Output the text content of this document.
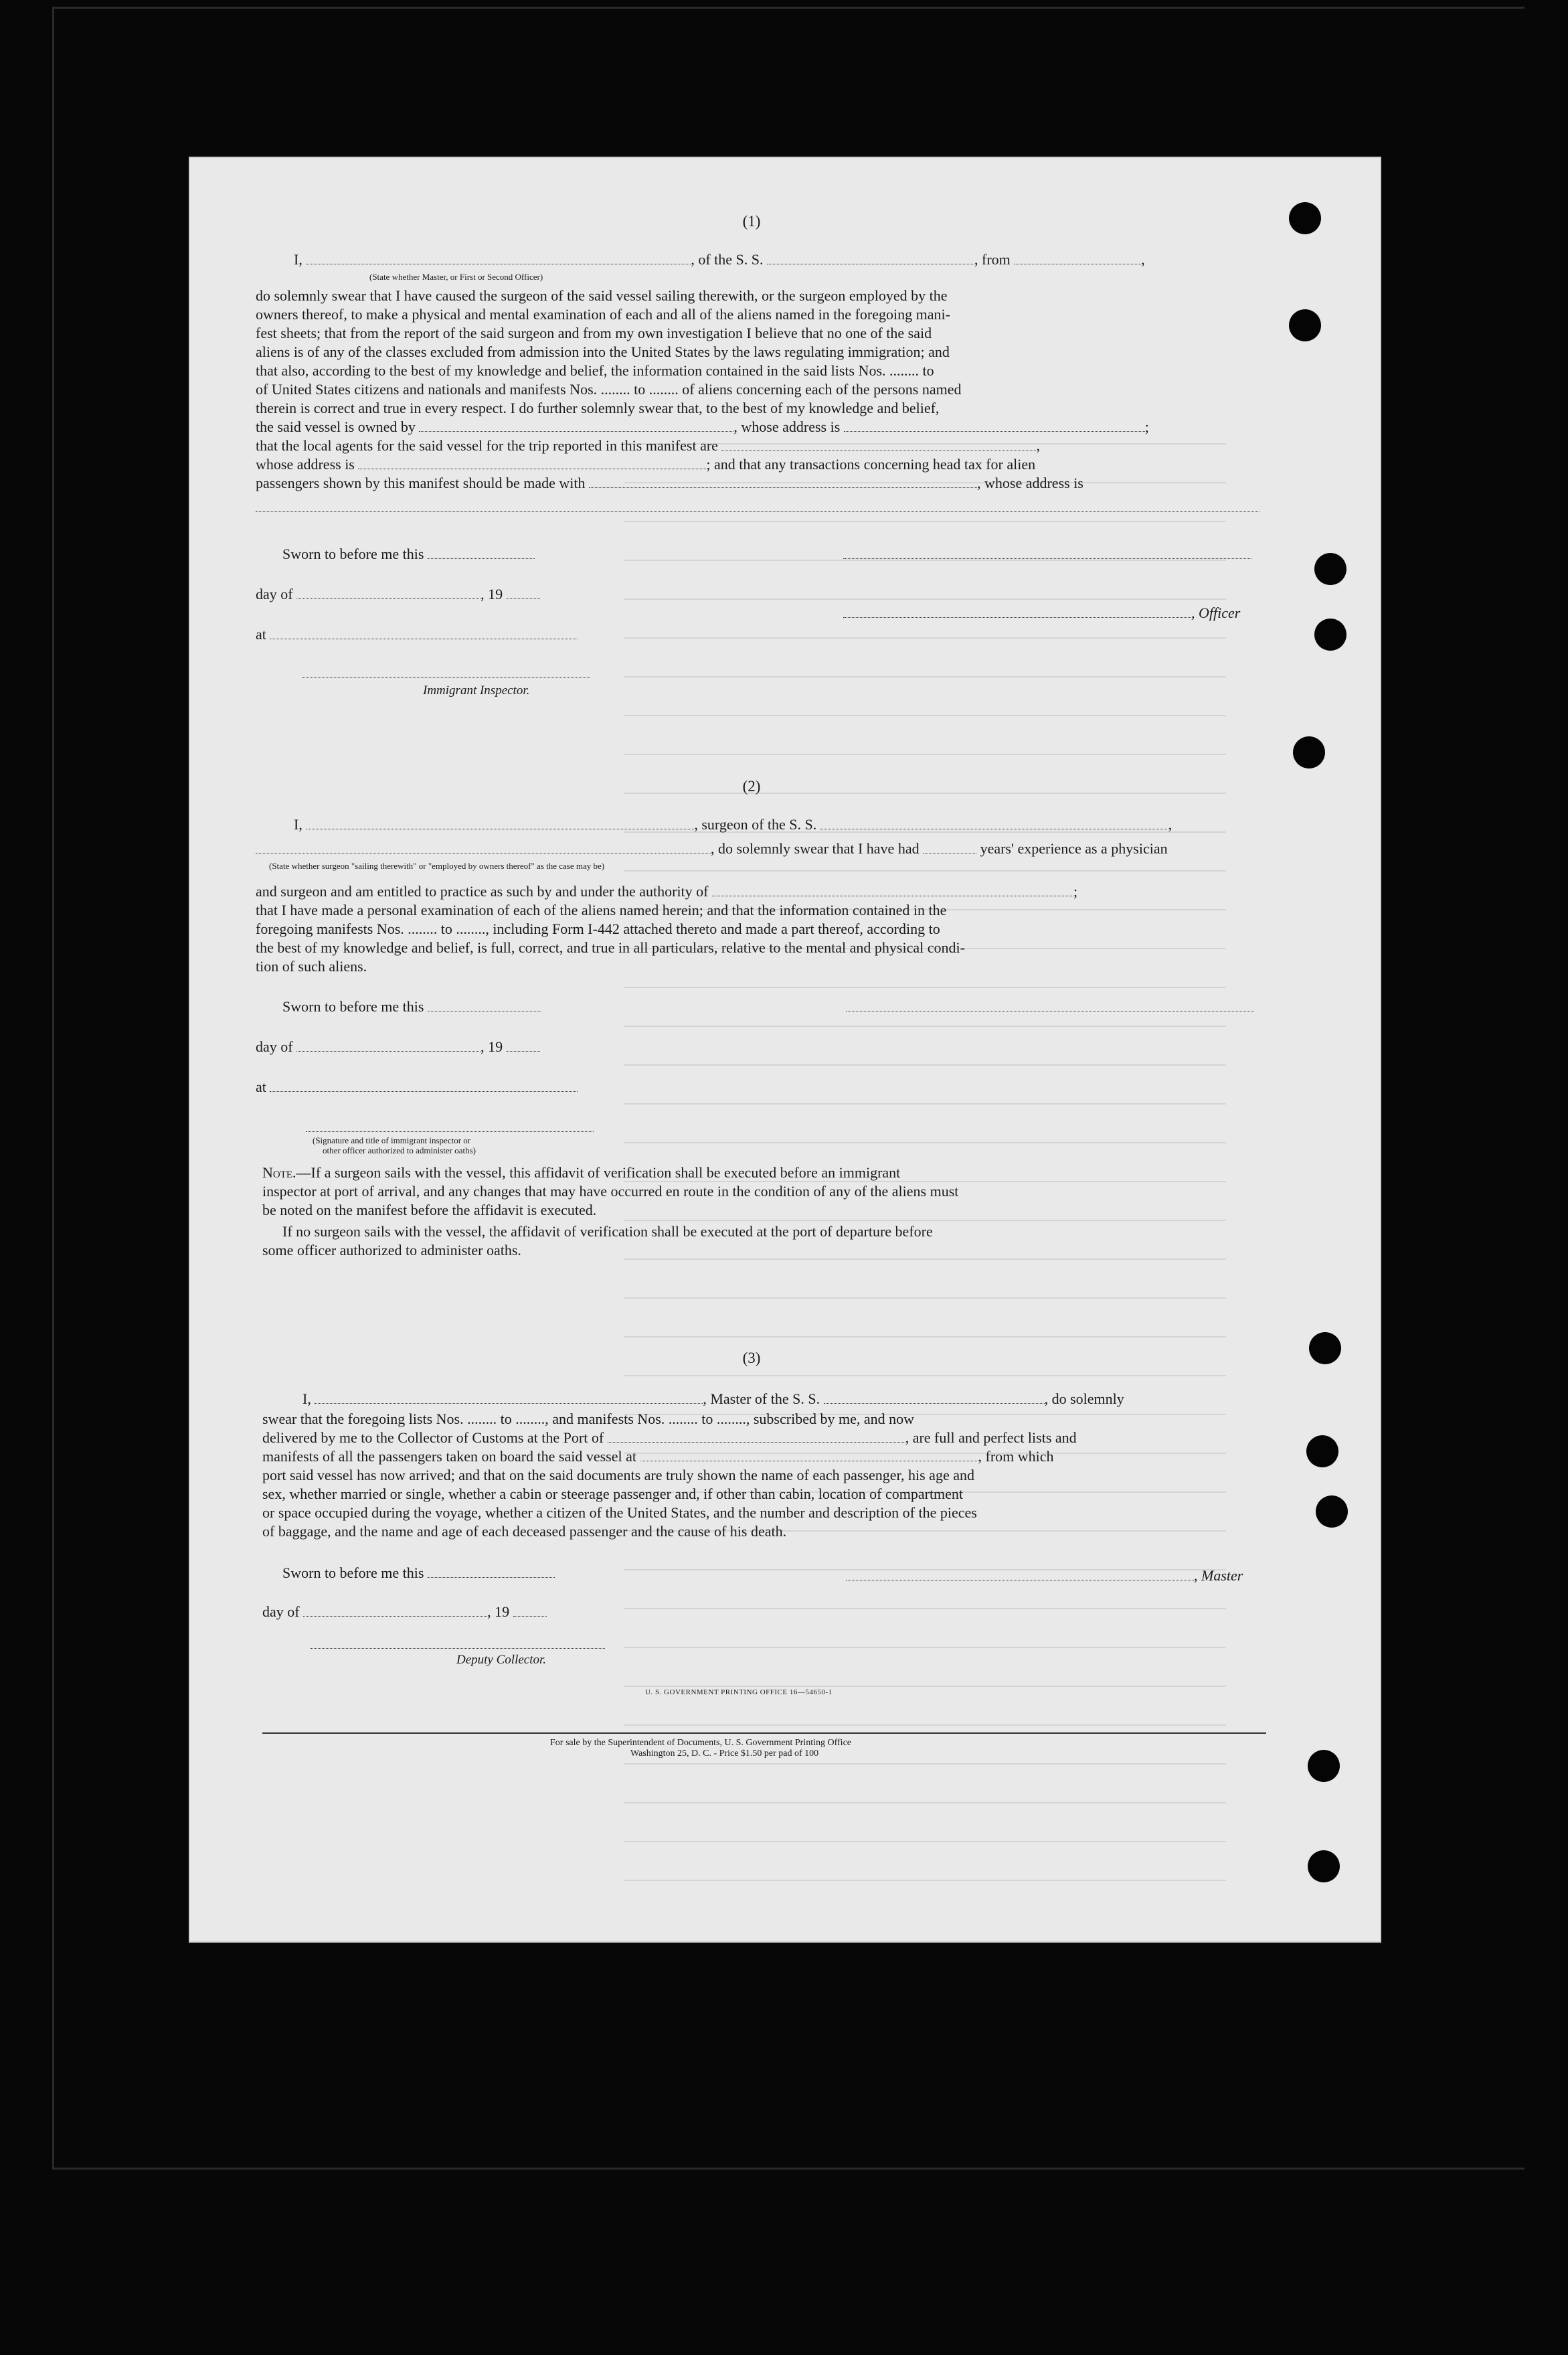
(1)
I,	, of the S. S.	, from	,
(State whether Master, or First or Second Officer)
do solemnly swear that I have caused the surgeon of the said vessel sailing therewith, or the surgeon employed by the
owners thereof, to make a physical and mental examination of each and all of the aliens named in the foregoing mani-
fest sheets; that from the report of the said surgeon and from my own investigation I believe that no one of the said
aliens is of any of the classes excluded from admission into the United States by the laws regulating immigration; and
that also, according to the best of my knowledge and belief, the information contained in the said lists Nos. ........ to
of United States citizens and nationals and manifests Nos. ........ to ........ of aliens concerning each of the persons named
therein is correct and true in every respect. I do further solemnly swear that, to the best of my knowledge and belief,
the said vessel is owned by	, whose address is	;
that the local agents for the said vessel for the trip reported in this manifest are	,
whose address is	; and that any transactions concerning head tax for alien
passengers shown by this manifest should be made with	, whose address is
Sworn to before me this
day of	, 19
, Officer
at
Immigrant Inspector.
(2)
I,	, surgeon of the S. S.	,
, do solemnly swear that I have had	years' experience as a physician
(State whether surgeon "sailing therewith" or "employed by owners thereof" as the case may be)
and surgeon and am entitled to practice as such by and under the authority of	;
that I have made a personal examination of each of the aliens named herein; and that the information contained in the
foregoing manifests Nos. ........ to ........, including Form I-442 attached thereto and made a part thereof, according to
the best of my knowledge and belief, is full, correct, and true in all particulars, relative to the mental and physical condi-
tion of such aliens.
Sworn to before me this
day of	, 19
at
(Signature and title of immigrant inspector or
other officer authorized to administer oaths)
Note.—If a surgeon sails with the vessel, this affidavit of verification shall be executed before an immigrant
inspector at port of arrival, and any changes that may have occurred en route in the condition of any of the aliens must
be noted on the manifest before the affidavit is executed.
If no surgeon sails with the vessel, the affidavit of verification shall be executed at the port of departure before
some officer authorized to administer oaths.
(3)
I,	, Master of the S. S.	, do solemnly
swear that the foregoing lists Nos. ........ to ........, and manifests Nos. ........ to ........, subscribed by me, and now
delivered by me to the Collector of Customs at the Port of	, are full and perfect lists and
manifests of all the passengers taken on board the said vessel at	, from which
port said vessel has now arrived; and that on the said documents are truly shown the name of each passenger, his age and
sex, whether married or single, whether a cabin or steerage passenger and, if other than cabin, location of compartment
or space occupied during the voyage, whether a citizen of the United States, and the number and description of the pieces
of baggage, and the name and age of each deceased passenger and the cause of his death.
Sworn to before me this	, Master
day of	, 19
Deputy Collector.
U. S. GOVERNMENT PRINTING OFFICE 16—54650-1
For sale by the Superintendent of Documents, U. S. Government Printing Office
Washington 25, D. C. - Price $1.50 per pad of 100
